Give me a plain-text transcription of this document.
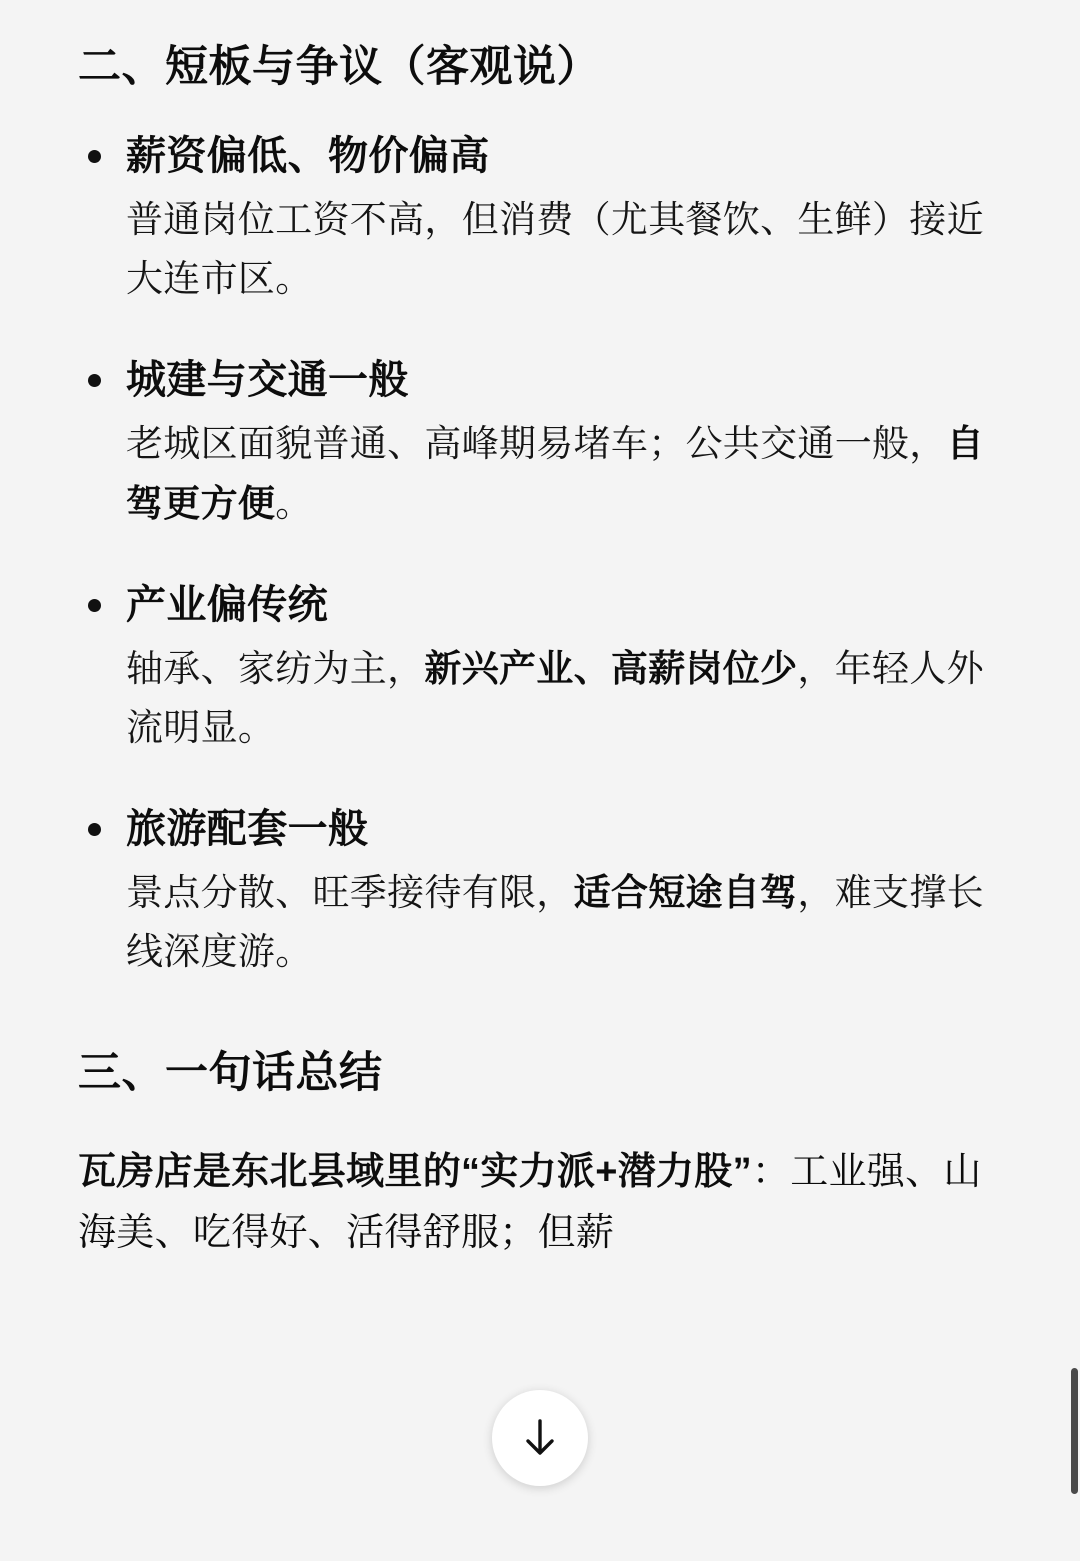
二、短板与争议（客观说）
薪资偏低、物价偏高
普通岗位工资不高，但消费（尤其餐饮、生鲜）接近大连市区。
城建与交通一般
老城区面貌普通、高峰期易堵车；公共交通一般，自驾更方便。
产业偏传统
轴承、家纺为主，新兴产业、高薪岗位少，年轻人外流明显。
旅游配套一般
景点分散、旺季接待有限，适合短途自驾，难支撑长线深度游。
三、一句话总结

瓦房店是东北县域里的“实力派+潜力股”：工业强、山海美、吃得好、活得舒服；但薪
